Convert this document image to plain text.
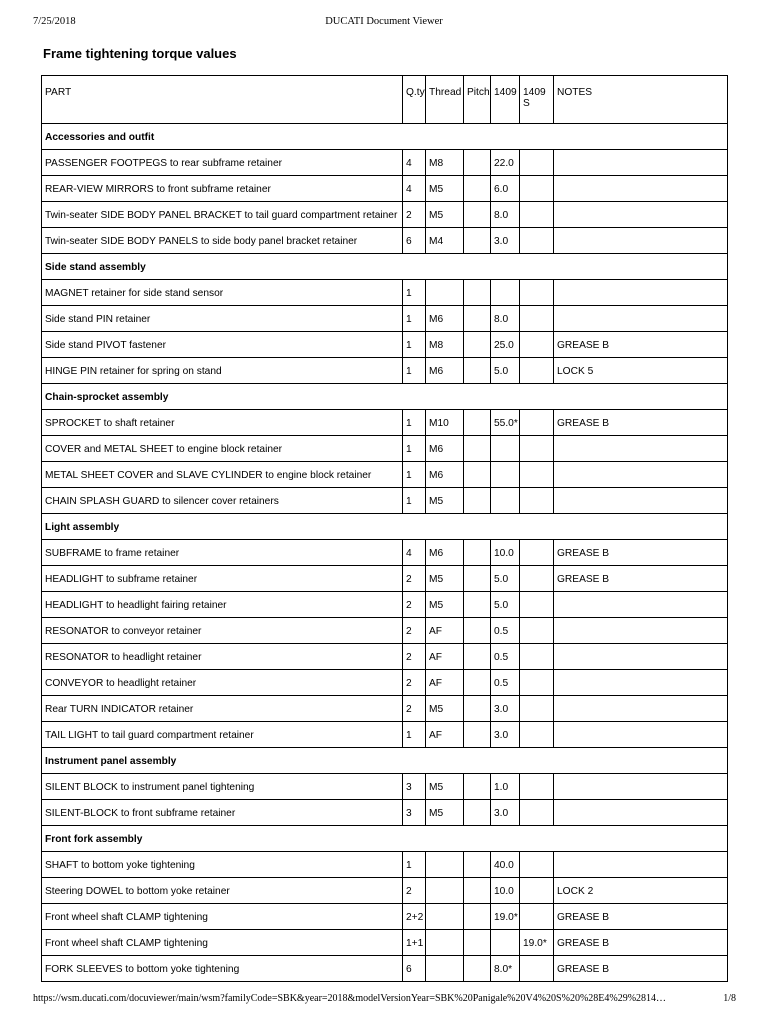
7/25/2018	DUCATI Document Viewer
Frame tightening torque values
PART	Q.ty	Thread	Pitch	1409	1409 S	NOTES
Accessories and outfit						
PASSENGER FOOTPEGS to rear subframe retainer	4	M8		22.0		
REAR-VIEW MIRRORS to front subframe retainer	4	M5		6.0		
Twin-seater SIDE BODY PANEL BRACKET to tail guard compartment retainer	2	M5		8.0		
Twin-seater SIDE BODY PANELS to side body panel bracket retainer	6	M4		3.0		
Side stand assembly						
MAGNET retainer for side stand sensor	1					
Side stand PIN retainer	1	M6		8.0		
Side stand PIVOT fastener	1	M8		25.0		GREASE B
HINGE PIN retainer for spring on stand	1	M6		5.0		LOCK 5
Chain-sprocket assembly						
SPROCKET to shaft retainer	1	M10		55.0*		GREASE B
COVER and METAL SHEET to engine block retainer	1	M6				
METAL SHEET COVER and SLAVE CYLINDER to engine block retainer	1	M6				
CHAIN SPLASH GUARD to silencer cover retainers	1	M5				
Light assembly						
SUBFRAME to frame retainer	4	M6		10.0		GREASE B
HEADLIGHT to subframe retainer	2	M5		5.0		GREASE B
HEADLIGHT to headlight fairing retainer	2	M5		5.0		
RESONATOR to conveyor retainer	2	AF		0.5		
RESONATOR to headlight retainer	2	AF		0.5		
CONVEYOR to headlight retainer	2	AF		0.5		
Rear TURN INDICATOR retainer	2	M5		3.0		
TAIL LIGHT to tail guard compartment retainer	1	AF		3.0		
Instrument panel assembly						
SILENT BLOCK to instrument panel tightening	3	M5		1.0		
SILENT-BLOCK to front subframe retainer	3	M5		3.0		
Front fork assembly						
SHAFT to bottom yoke tightening	1			40.0		
Steering DOWEL to bottom yoke retainer	2			10.0		LOCK 2
Front wheel shaft CLAMP tightening	2+2			19.0*		GREASE B
Front wheel shaft CLAMP tightening	1+1				19.0*	GREASE B
FORK SLEEVES to bottom yoke tightening	6			8.0*		GREASE B
https://wsm.ducati.com/docuviewer/main/wsm?familyCode=SBK&year=2018&modelVersionYear=SBK%20Panigale%20V4%20S%20%28E4%29%2814…	1/8
